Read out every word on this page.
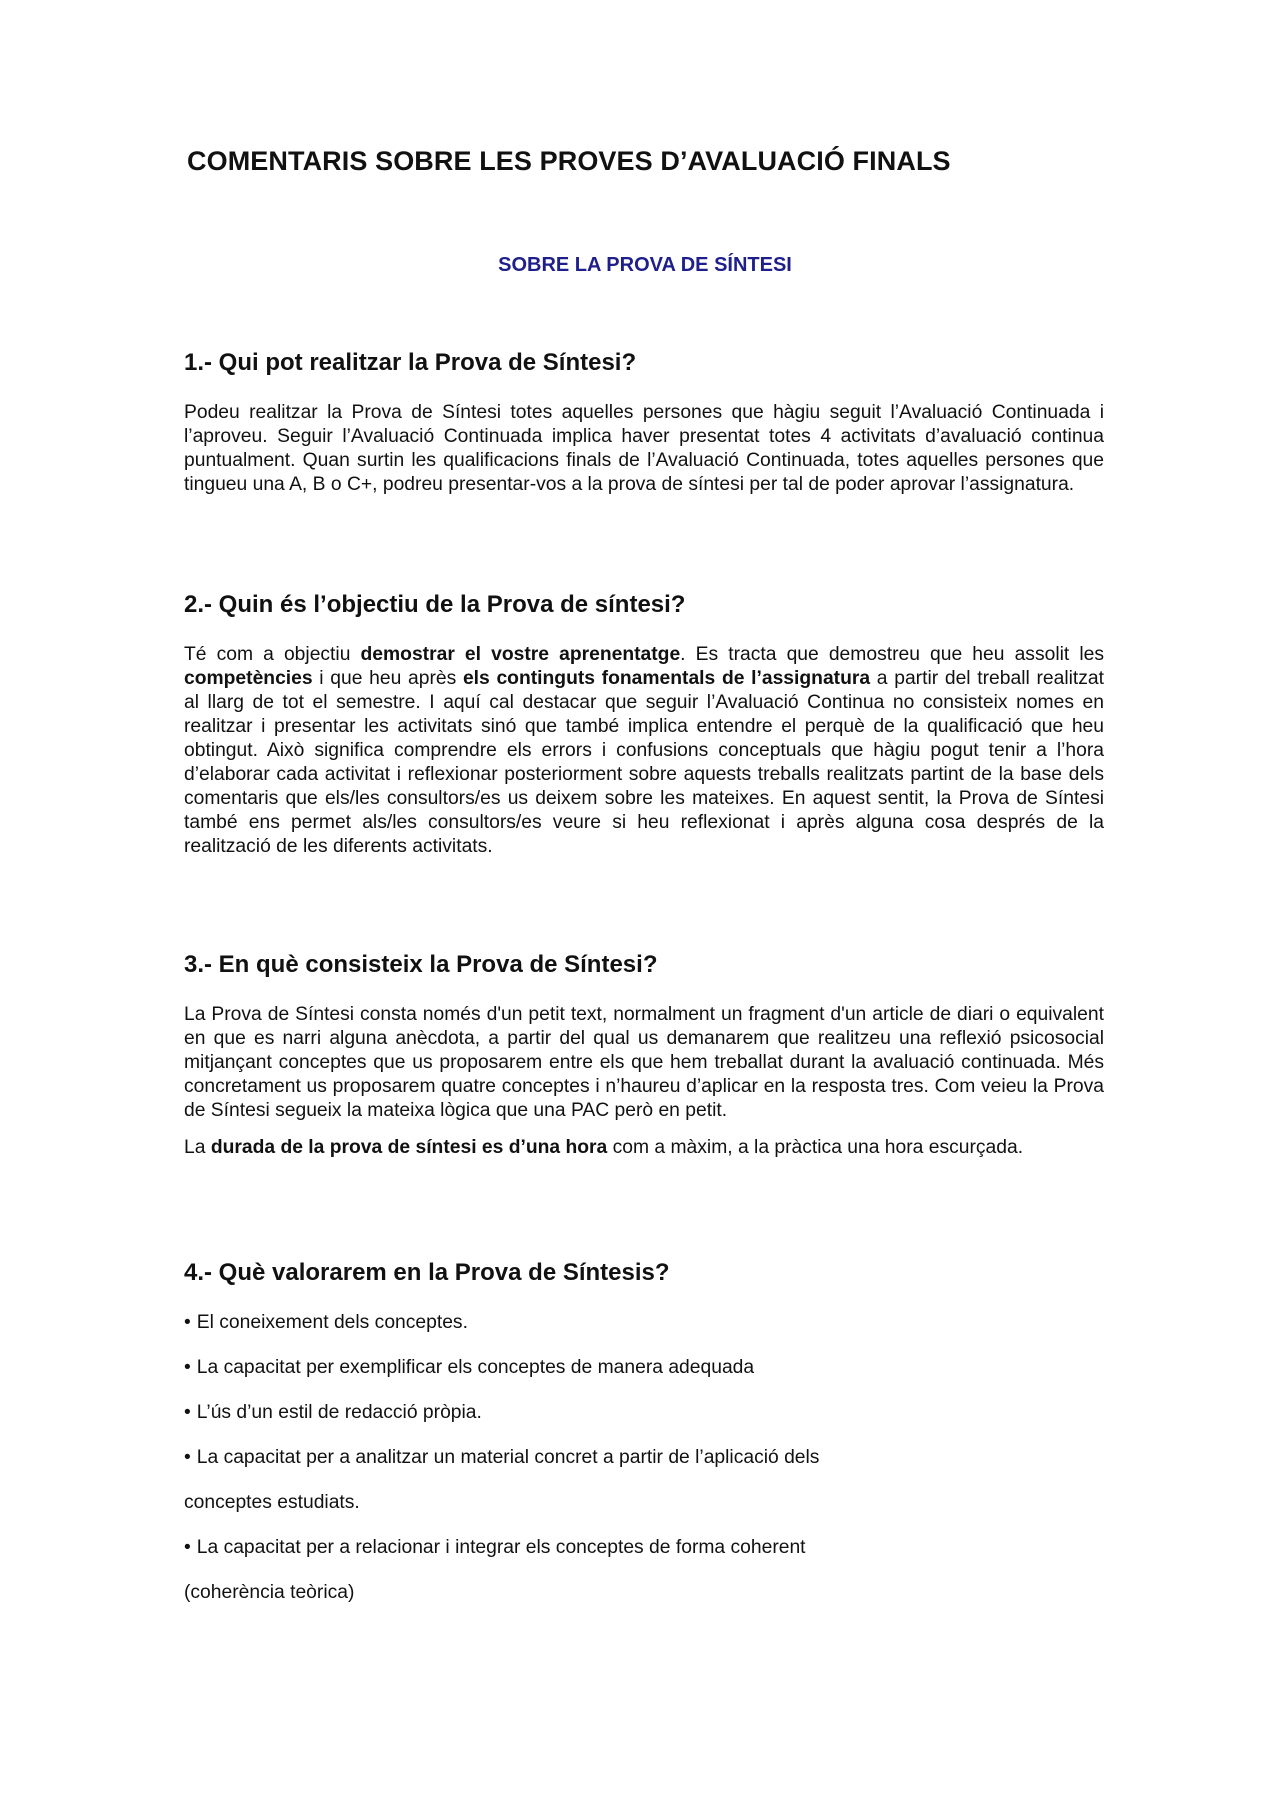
COMENTARIS SOBRE LES PROVES D’AVALUACIÓ FINALS
SOBRE LA PROVA DE SÍNTESI
1.- Qui pot realitzar la Prova de Síntesi?

Podeu realitzar la Prova de Síntesi totes aquelles persones que hàgiu seguit l’Avaluació Continuada i l’aproveu. Seguir l’Avaluació Continuada implica haver presentat totes 4 activitats d’avaluació continua puntualment. Quan surtin les qualificacions finals de l’Avaluació Continuada, totes aquelles persones que tingueu una A, B o C+, podreu presentar-vos a la prova de síntesi per tal de poder aprovar l’assignatura.

2.- Quin és l’objectiu de la Prova de síntesi?

Té com a objectiu demostrar el vostre aprenentatge. Es tracta que demostreu que heu assolit les competències i que heu après els continguts fonamentals de l’assignatura a partir del treball realitzat al llarg de tot el semestre. I aquí cal destacar que seguir l’Avaluació Continua no consisteix nomes en realitzar i presentar les activitats sinó que també implica entendre el perquè de la qualificació que heu obtingut. Això significa comprendre els errors i confusions conceptuals que hàgiu pogut tenir a l’hora d’elaborar cada activitat i reflexionar posteriorment sobre aquests treballs realitzats partint de la base dels comentaris que els/les consultors/es us deixem sobre les mateixes. En aquest sentit, la Prova de Síntesi també ens permet als/les consultors/es veure si heu reflexionat i après alguna cosa després de la realització de les diferents activitats.

3.- En què consisteix la Prova de Síntesi?

La Prova de Síntesi consta només d'un petit text, normalment un fragment d'un article de diari o equivalent en que es narri alguna anècdota, a partir del qual us demanarem que realitzeu una reflexió psicosocial mitjançant conceptes que us proposarem entre els que hem treballat durant la avaluació continuada. Més concretament us proposarem quatre conceptes i n’haureu d’aplicar en la resposta tres. Com veieu la Prova de Síntesi segueix la mateixa lògica que una PAC però en petit.

La durada de la prova de síntesi es d’una hora com a màxim, a la pràctica una hora escurçada.

4.- Què valorarem en la Prova de Síntesis?
• El coneixement dels conceptes.
• La capacitat per exemplificar els conceptes de manera adequada
• L’ús d’un estil de redacció pròpia.
• La capacitat per a analitzar un material concret a partir de l’aplicació dels
conceptes estudiats.
• La capacitat per a relacionar i integrar els conceptes de forma coherent
(coherència teòrica)
